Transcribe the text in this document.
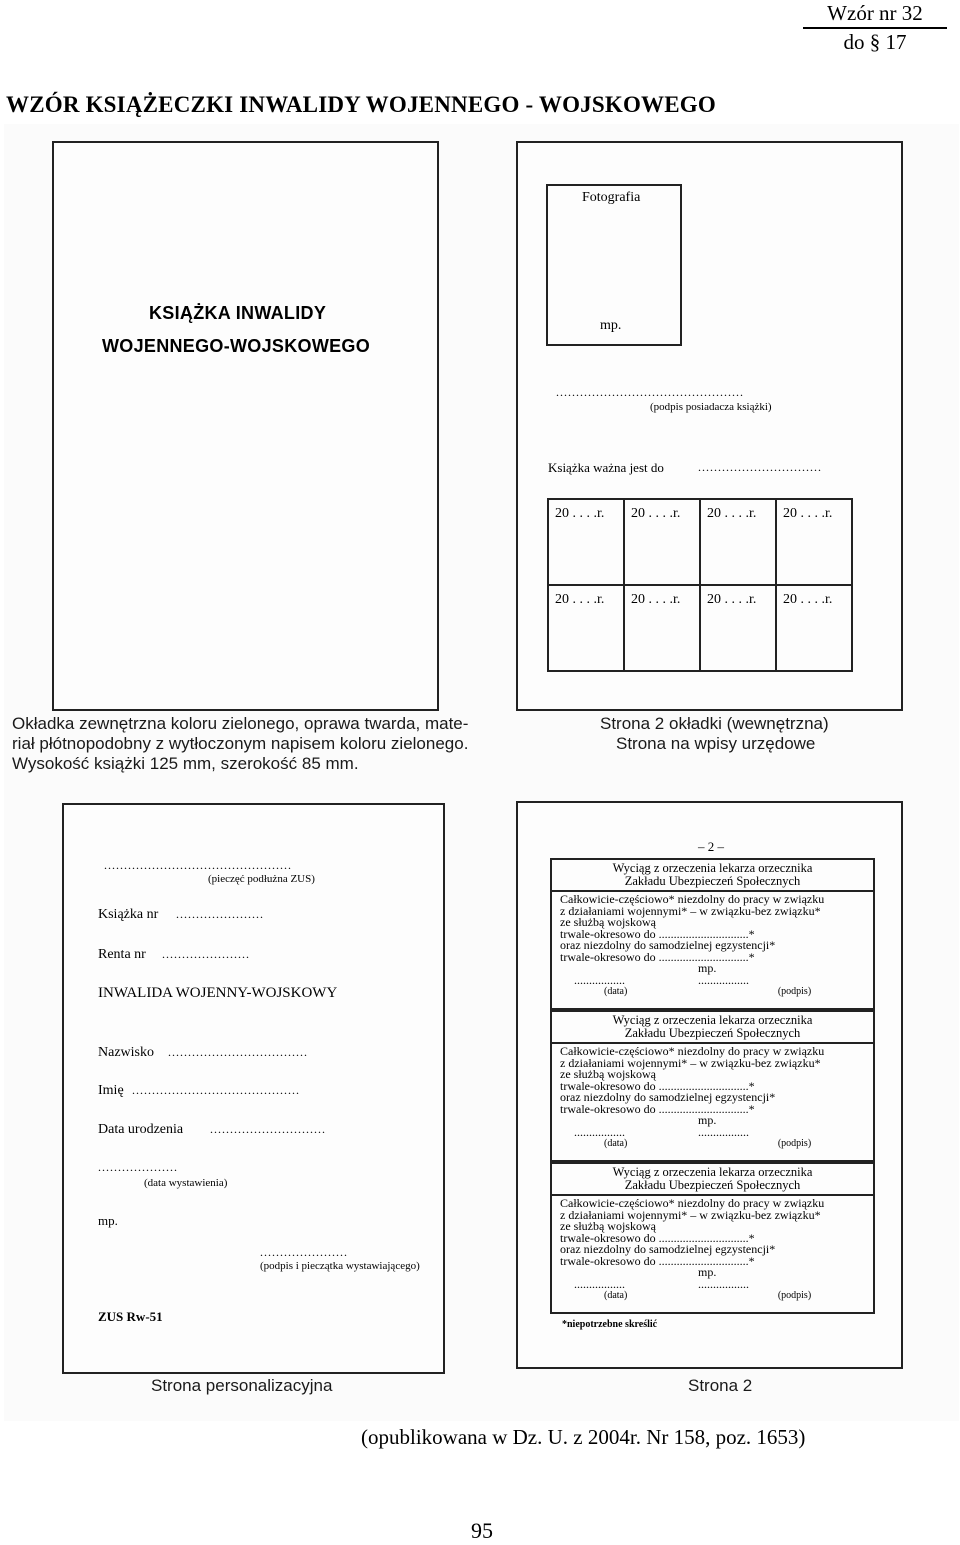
Wzór nr 32
do § 17
WZÓR KSIĄŻECZKI INWALIDY WOJENNEGO - WOJSKOWEGO
KSIĄŻKA INWALIDY
WOJENNEGO-WOJSKOWEGO
Okładka zewnętrzna koloru zielonego, oprawa twarda, mate-
riał płótnopodobny z wytłoczonym napisem koloru zielonego.
Wysokość książki 125 mm, szerokość 85 mm.
Fotografia
mp.
...............................................
(podpis posiadacza książki)
Książka ważna jest do	...............................
20 . . . .r.	20 . . . .r.	20 . . . .r.	20 . . . .r.
20 . . . .r.	20 . . . .r.	20 . . . .r.	20 . . . .r.
Strona 2 okładki (wewnętrzna)
Strona na wpisy urzędowe
...............................................
(pieczęć podłużna ZUS)
Książka nr ......................
Renta nr ......................
INWALIDA WOJENNY-WOJSKOWY
Nazwisko ...................................
Imię ..........................................
Data urodzenia .............................
....................
(data wystawienia)
mp.
......................
(podpis i pieczątka wystawiającego)
ZUS Rw-51
Strona personalizacyjna
– 2 –
Wyciąg z orzeczenia lekarza orzecznika
Zakładu Ubezpieczeń Społecznych
Całkowicie-częściowo* niezdolny do pracy w związku
z działaniami wojennymi* – w związku-bez związku*
ze służbą wojskową
trwale-okresowo do ..............................*
oraz niezdolny do samodzielnej egzystencji*
trwale-okresowo do ..............................*
mp.
.................	.................
(data)	(podpis)
Wyciąg z orzeczenia lekarza orzecznika
Zakładu Ubezpieczeń Społecznych
Całkowicie-częściowo* niezdolny do pracy w związku
z działaniami wojennymi* – w związku-bez związku*
ze służbą wojskową
trwale-okresowo do ..............................*
oraz niezdolny do samodzielnej egzystencji*
trwale-okresowo do ..............................*
mp.
.................	.................
(data)	(podpis)
Wyciąg z orzeczenia lekarza orzecznika
Zakładu Ubezpieczeń Społecznych
Całkowicie-częściowo* niezdolny do pracy w związku
z działaniami wojennymi* – w związku-bez związku*
ze służbą wojskową
trwale-okresowo do ..............................*
oraz niezdolny do samodzielnej egzystencji*
trwale-okresowo do ..............................*
mp.
.................	.................
(data)	(podpis)
*niepotrzebne skreślić
Strona 2
(opublikowana w Dz. U. z 2004r. Nr 158, poz. 1653)
95
